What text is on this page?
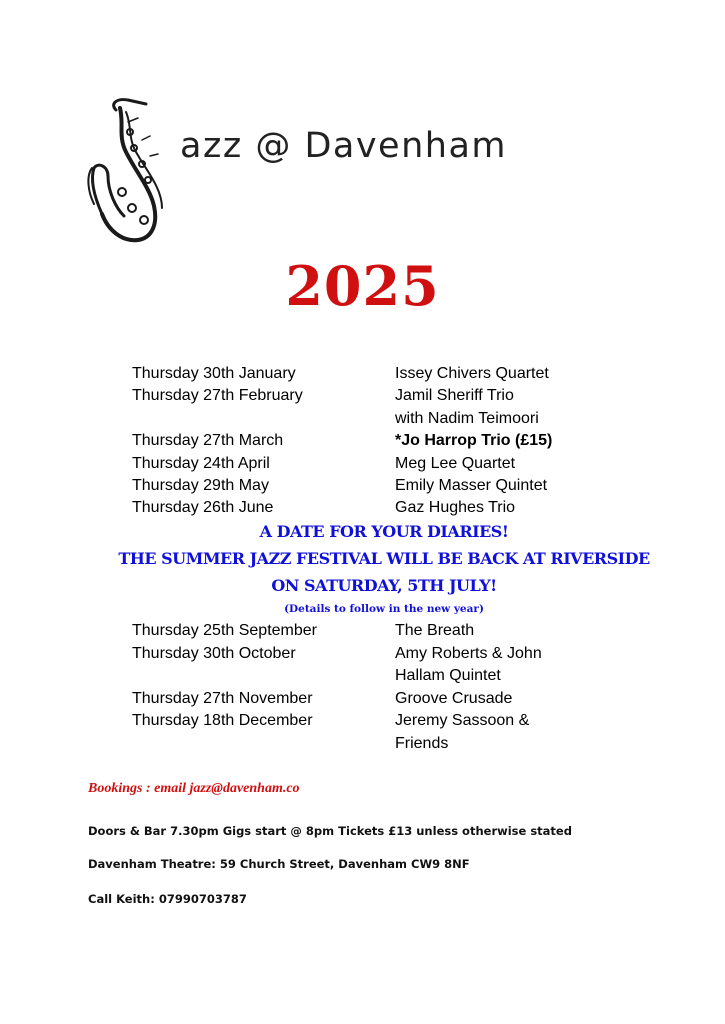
azz @ Davenham
2025
Thursday 30th January	Issey Chivers Quartet
Thursday 27th February	Jamil Sheriff Trio
with Nadim Teimoori
Thursday 27th March	*Jo Harrop Trio (£15)
Thursday 24th April	Meg Lee Quartet
Thursday 29th May	Emily Masser Quintet
Thursday 26th June	Gaz Hughes Trio
A DATE FOR YOUR DIARIES!
THE SUMMER JAZZ FESTIVAL WILL BE BACK AT RIVERSIDE
ON SATURDAY, 5TH JULY!
(Details to follow in the new year)
Thursday 25th September	The Breath
Thursday 30th October	Amy Roberts & John
Hallam Quintet
Thursday 27th November	Groove Crusade
Thursday 18th December	Jeremy Sassoon &
Friends
Bookings : email jazz@davenham.co
Doors & Bar 7.30pm Gigs start @ 8pm Tickets £13 unless otherwise stated
Davenham Theatre: 59 Church Street, Davenham CW9 8NF
Call Keith: 07990703787
